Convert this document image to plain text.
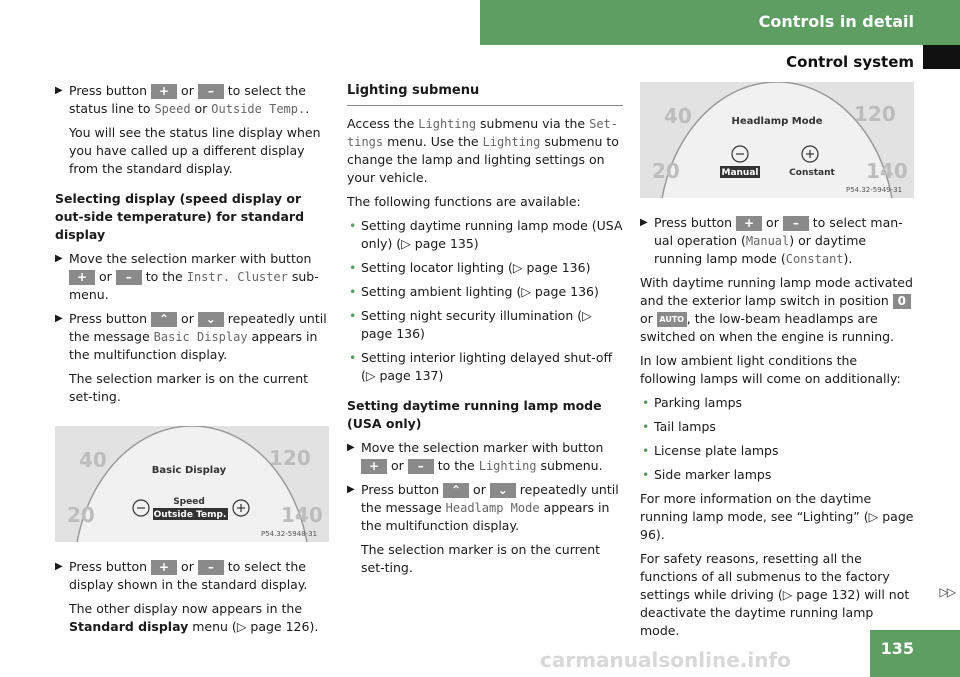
Controls in detail
Control system
▶ Press button + or – to select the status line to Speed or Outside Temp..

You will see the status line display when you have called up a different display from the standard display.

Selecting display (speed display or out-side temperature) for standard display

▶ Move the selection marker with button + or – to the Instr. Cluster sub-menu.
▶ Press button ⌃ or ⌄ repeatedly until the message Basic Display appears in the multifunction display.

The selection marker is on the current set-ting.

40	120
20	140
Basic Display
Speed
Outside Temp.
P54.32-5948-31
▶ Press button + or – to select the display shown in the standard display.

The other display now appears in the Standard display menu (▷ page 126).

Lighting submenu

Access the Lighting submenu via the Set-tings menu. Use the Lighting submenu to change the lamp and lighting settings on your vehicle.

The following functions are available:

• Setting daytime running lamp mode (USA only) (▷ page 135)
• Setting locator lighting (▷ page 136)
• Setting ambient lighting (▷ page 136)
• Setting night security illumination (▷ page 136)
• Setting interior lighting delayed shut-off (▷ page 137)

Setting daytime running lamp mode (USA only)

▶ Move the selection marker with button + or – to the Lighting submenu.
▶ Press button ⌃ or ⌄ repeatedly until the message Headlamp Mode appears in the multifunction display.

The selection marker is on the current set-ting.

40	120
20	140
Headlamp Mode
Manual	Constant
P54.32-5949-31
▶ Press button + or – to select man-ual operation (Manual) or daytime running lamp mode (Constant).

With daytime running lamp mode activated and the exterior lamp switch in position 0 or AUTO , the low-beam headlamps are switched on when the engine is running.

In low ambient light conditions the following lamps will come on additionally:

• Parking lamps
• Tail lamps
• License plate lamps
• Side marker lamps

For more information on the daytime running lamp mode, see “Lighting” (▷ page 96).

For safety reasons, resetting all the functions of all submenus to the factory settings while driving (▷ page 132) will not deactivate the daytime running lamp mode.

▷▷
135
carmanualsonline.info
